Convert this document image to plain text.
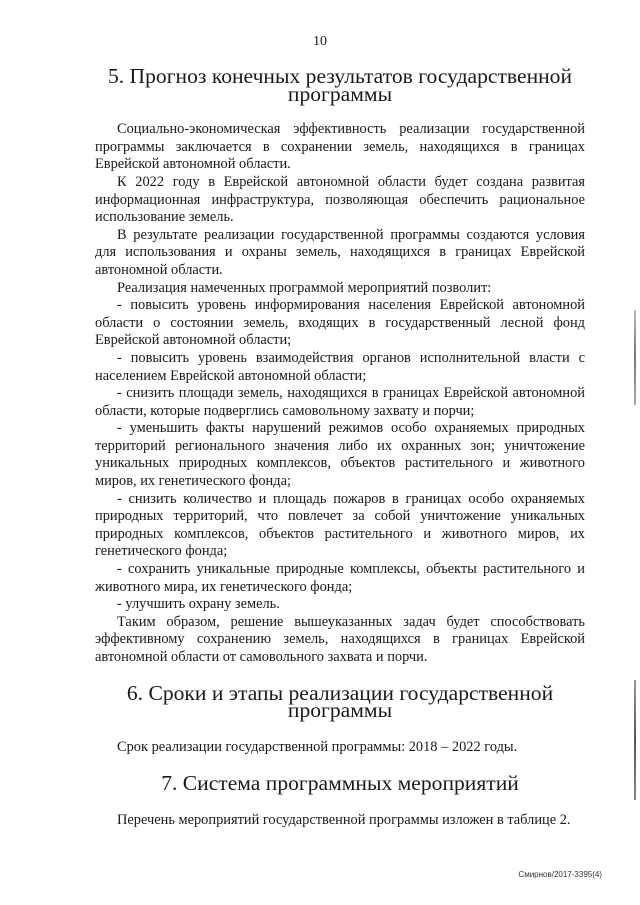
10
5. Прогноз конечных результатов государственной программы

Социально-экономическая эффективность реализации государственной программы заключается в сохранении земель, находящихся в границах Еврейской автономной области.

К 2022 году в Еврейской автономной области будет создана развитая информационная инфраструктура, позволяющая обеспечить рациональное использование земель.

В результате реализации государственной программы создаются условия для использования и охраны земель, находящихся в границах Еврейской автономной области.

Реализация намеченных программой мероприятий позволит:

- повысить уровень информирования населения Еврейской автономной области о состоянии земель, входящих в государственный лесной фонд Еврейской автономной области;

- повысить уровень взаимодействия органов исполнительной власти с населением Еврейской автономной области;

- снизить площади земель, находящихся в границах Еврейской автономной области, которые подверглись самовольному захвату и порчи;

- уменьшить факты нарушений режимов особо охраняемых природных территорий регионального значения либо их охранных зон; уничтожение уникальных природных комплексов, объектов растительного и животного миров, их генетического фонда;

- снизить количество и площадь пожаров в границах особо охраняемых природных территорий, что повлечет за собой уничтожение уникальных природных комплексов, объектов растительного и животного миров, их генетического фонда;

- сохранить уникальные природные комплексы, объекты растительного и животного мира, их генетического фонда;

- улучшить охрану земель.

Таким образом, решение вышеуказанных задач будет способствовать эффективному сохранению земель, находящихся в границах Еврейской автономной области от самовольного захвата и порчи.

6. Сроки и этапы реализации государственной программы

Срок реализации государственной программы: 2018 – 2022 годы.

7. Система программных мероприятий

Перечень мероприятий государственной программы изложен в таблице 2.

Смирнов/2017-3395(4)
